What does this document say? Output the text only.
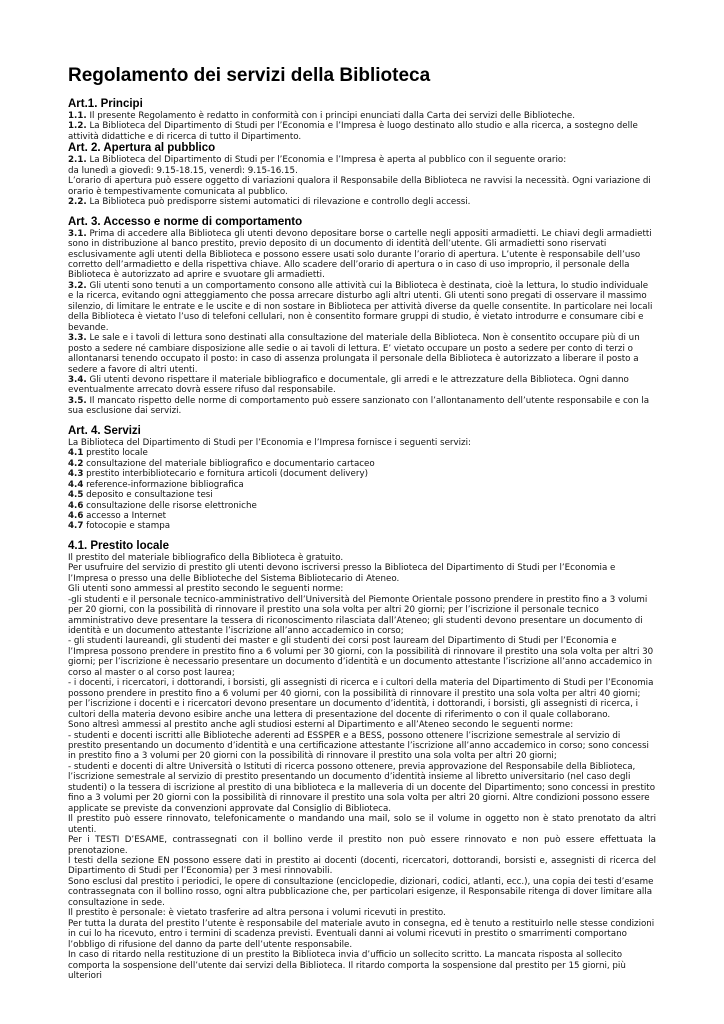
Regolamento dei servizi della Biblioteca
Art.1. Principi

1.1. Il presente Regolamento è redatto in conformità con i principi enunciati dalla Carta dei servizi delle Biblioteche.

1.2. La Biblioteca del Dipartimento di Studi per l’Economia e l’Impresa è luogo destinato allo studio e alla ricerca, a sostegno delle attività didattiche e di ricerca di tutto il Dipartimento.

Art. 2. Apertura al pubblico

2.1. La Biblioteca del Dipartimento di Studi per l’Economia e l’Impresa è aperta al pubblico con il seguente orario:

da lunedì a giovedì: 9.15-18.15, venerdì: 9.15-16.15.

L’orario di apertura può essere oggetto di variazioni qualora il Responsabile della Biblioteca ne ravvisi la necessità. Ogni variazione di orario è tempestivamente comunicata al pubblico.

2.2. La Biblioteca può predisporre sistemi automatici di rilevazione e controllo degli accessi.

Art. 3. Accesso e norme di comportamento

3.1. Prima di accedere alla Biblioteca gli utenti devono depositare borse o cartelle negli appositi armadietti. Le chiavi degli armadietti sono in distribuzione al banco prestito, previo deposito di un documento di identità dell’utente. Gli armadietti sono riservati esclusivamente agli utenti della Biblioteca e possono essere usati solo durante l’orario di apertura. L’utente è responsabile dell’uso corretto dell’armadietto e della rispettiva chiave. Allo scadere dell’orario di apertura o in caso di uso improprio, il personale della Biblioteca è autorizzato ad aprire e svuotare gli armadietti.

3.2. Gli utenti sono tenuti a un comportamento consono alle attività cui la Biblioteca è destinata, cioè la lettura, lo studio individuale e la ricerca, evitando ogni atteggiamento che possa arrecare disturbo agli altri utenti. Gli utenti sono pregati di osservare il massimo silenzio, di limitare le entrate e le uscite e di non sostare in Biblioteca per attività diverse da quelle consentite. In particolare nei locali della Biblioteca è vietato l’uso di telefoni cellulari, non è consentito formare gruppi di studio, è vietato introdurre e consumare cibi e bevande.

3.3. Le sale e i tavoli di lettura sono destinati alla consultazione del materiale della Biblioteca. Non è consentito occupare più di un posto a sedere né cambiare disposizione alle sedie o ai tavoli di lettura. E’ vietato occupare un posto a sedere per conto di terzi o allontanarsi tenendo occupato il posto: in caso di assenza prolungata il personale della Biblioteca è autorizzato a liberare il posto a sedere a favore di altri utenti.

3.4. Gli utenti devono rispettare il materiale bibliografico e documentale, gli arredi e le attrezzature della Biblioteca. Ogni danno eventualmente arrecato dovrà essere rifuso dal responsabile.

3.5. Il mancato rispetto delle norme di comportamento può essere sanzionato con l’allontanamento dell’utente responsabile e con la sua esclusione dai servizi.

Art. 4. Servizi

La Biblioteca del Dipartimento di Studi per l’Economia e l’Impresa fornisce i seguenti servizi:

4.1 prestito locale

4.2 consultazione del materiale bibliografico e documentario cartaceo

4.3 prestito interbibliotecario e fornitura articoli (document delivery)

4.4 reference-informazione bibliografica

4.5 deposito e consultazione tesi

4.6 consultazione delle risorse elettroniche

4.6 accesso a Internet

4.7 fotocopie e stampa

4.1. Prestito locale

Il prestito del materiale bibliografico della Biblioteca è gratuito.

Per usufruire del servizio di prestito gli utenti devono iscriversi presso la Biblioteca del Dipartimento di Studi per l’Economia e l’Impresa o presso una delle Biblioteche del Sistema Bibliotecario di Ateneo.

Gli utenti sono ammessi al prestito secondo le seguenti norme:

-gli studenti e il personale tecnico-amministrativo dell’Università del Piemonte Orientale possono prendere in prestito fino a 3 volumi per 20 giorni, con la possibilità di rinnovare il prestito una sola volta per altri 20 giorni; per l’iscrizione il personale tecnico amministrativo deve presentare la tessera di riconoscimento rilasciata dall’Ateneo; gli studenti devono presentare un documento di identità e un documento attestante l’iscrizione all’anno accademico in corso;

- gli studenti laureandi, gli studenti dei master e gli studenti dei corsi post lauream del Dipartimento di Studi per l’Economia e l’Impresa possono prendere in prestito fino a 6 volumi per 30 giorni, con la possibilità di rinnovare il prestito una sola volta per altri 30 giorni; per l’iscrizione è necessario presentare un documento d’identità e un documento attestante l’iscrizione all’anno accademico in corso al master o al corso post laurea;

- i docenti, i ricercatori, i dottorandi, i borsisti, gli assegnisti di ricerca e i cultori della materia del Dipartimento di Studi per l’Economia possono prendere in prestito fino a 6 volumi per 40 giorni, con la possibilità di rinnovare il prestito una sola volta per altri 40 giorni; per l’iscrizione i docenti e i ricercatori devono presentare un documento d’identità, i dottorandi, i borsisti, gli assegnisti di ricerca, i cultori della materia devono esibire anche una lettera di presentazione del docente di riferimento o con il quale collaborano.

Sono altresì ammessi al prestito anche agli studiosi esterni al Dipartimento e all’Ateneo secondo le seguenti norme:

- studenti e docenti iscritti alle Biblioteche aderenti ad ESSPER e a BESS, possono ottenere l’iscrizione semestrale al servizio di prestito presentando un documento d’identità e una certificazione attestante l’iscrizione all’anno accademico in corso; sono concessi in prestito fino a 3 volumi per 20 giorni con la possibilità di rinnovare il prestito una sola volta per altri 20 giorni;

- studenti e docenti di altre Università o Istituti di ricerca possono ottenere, previa approvazione del Responsabile della Biblioteca, l’iscrizione semestrale al servizio di prestito presentando un documento d’identità insieme al libretto universitario (nel caso degli studenti) o la tessera di iscrizione al prestito di una biblioteca e la malleveria di un docente del Dipartimento; sono concessi in prestito fino a 3 volumi per 20 giorni con la possibilità di rinnovare il prestito una sola volta per altri 20 giorni. Altre condizioni possono essere applicate se previste da convenzioni approvate dal Consiglio di Biblioteca.

Il prestito può essere rinnovato, telefonicamente o mandando una mail, solo se il volume in oggetto non è stato prenotato da altri utenti.

Per i TESTI D’ESAME, contrassegnati con il bollino verde il prestito non può essere rinnovato e non può essere effettuata la prenotazione.

I testi della sezione EN possono essere dati in prestito ai docenti (docenti, ricercatori, dottorandi, borsisti e, assegnisti di ricerca del Dipartimento di Studi per l’Economia) per 3 mesi rinnovabili.

Sono esclusi dal prestito i periodici, le opere di consultazione (enciclopedie, dizionari, codici, atlanti, ecc.), una copia dei testi d’esame contrassegnata con il bollino rosso, ogni altra pubblicazione che, per particolari esigenze, il Responsabile ritenga di dover limitare alla consultazione in sede.

Il prestito è personale: è vietato trasferire ad altra persona i volumi ricevuti in prestito.

Per tutta la durata del prestito l’utente è responsabile del materiale avuto in consegna, ed è tenuto a restituirlo nelle stesse condizioni in cui lo ha ricevuto, entro i termini di scadenza previsti. Eventuali danni ai volumi ricevuti in prestito o smarrimenti comportano l’obbligo di rifusione del danno da parte dell’utente responsabile.

In caso di ritardo nella restituzione di un prestito la Biblioteca invia d’ufficio un sollecito scritto. La mancata risposta al sollecito comporta la sospensione dell’utente dai servizi della Biblioteca. Il ritardo comporta la sospensione dal prestito per 15 giorni, più ulteriori
